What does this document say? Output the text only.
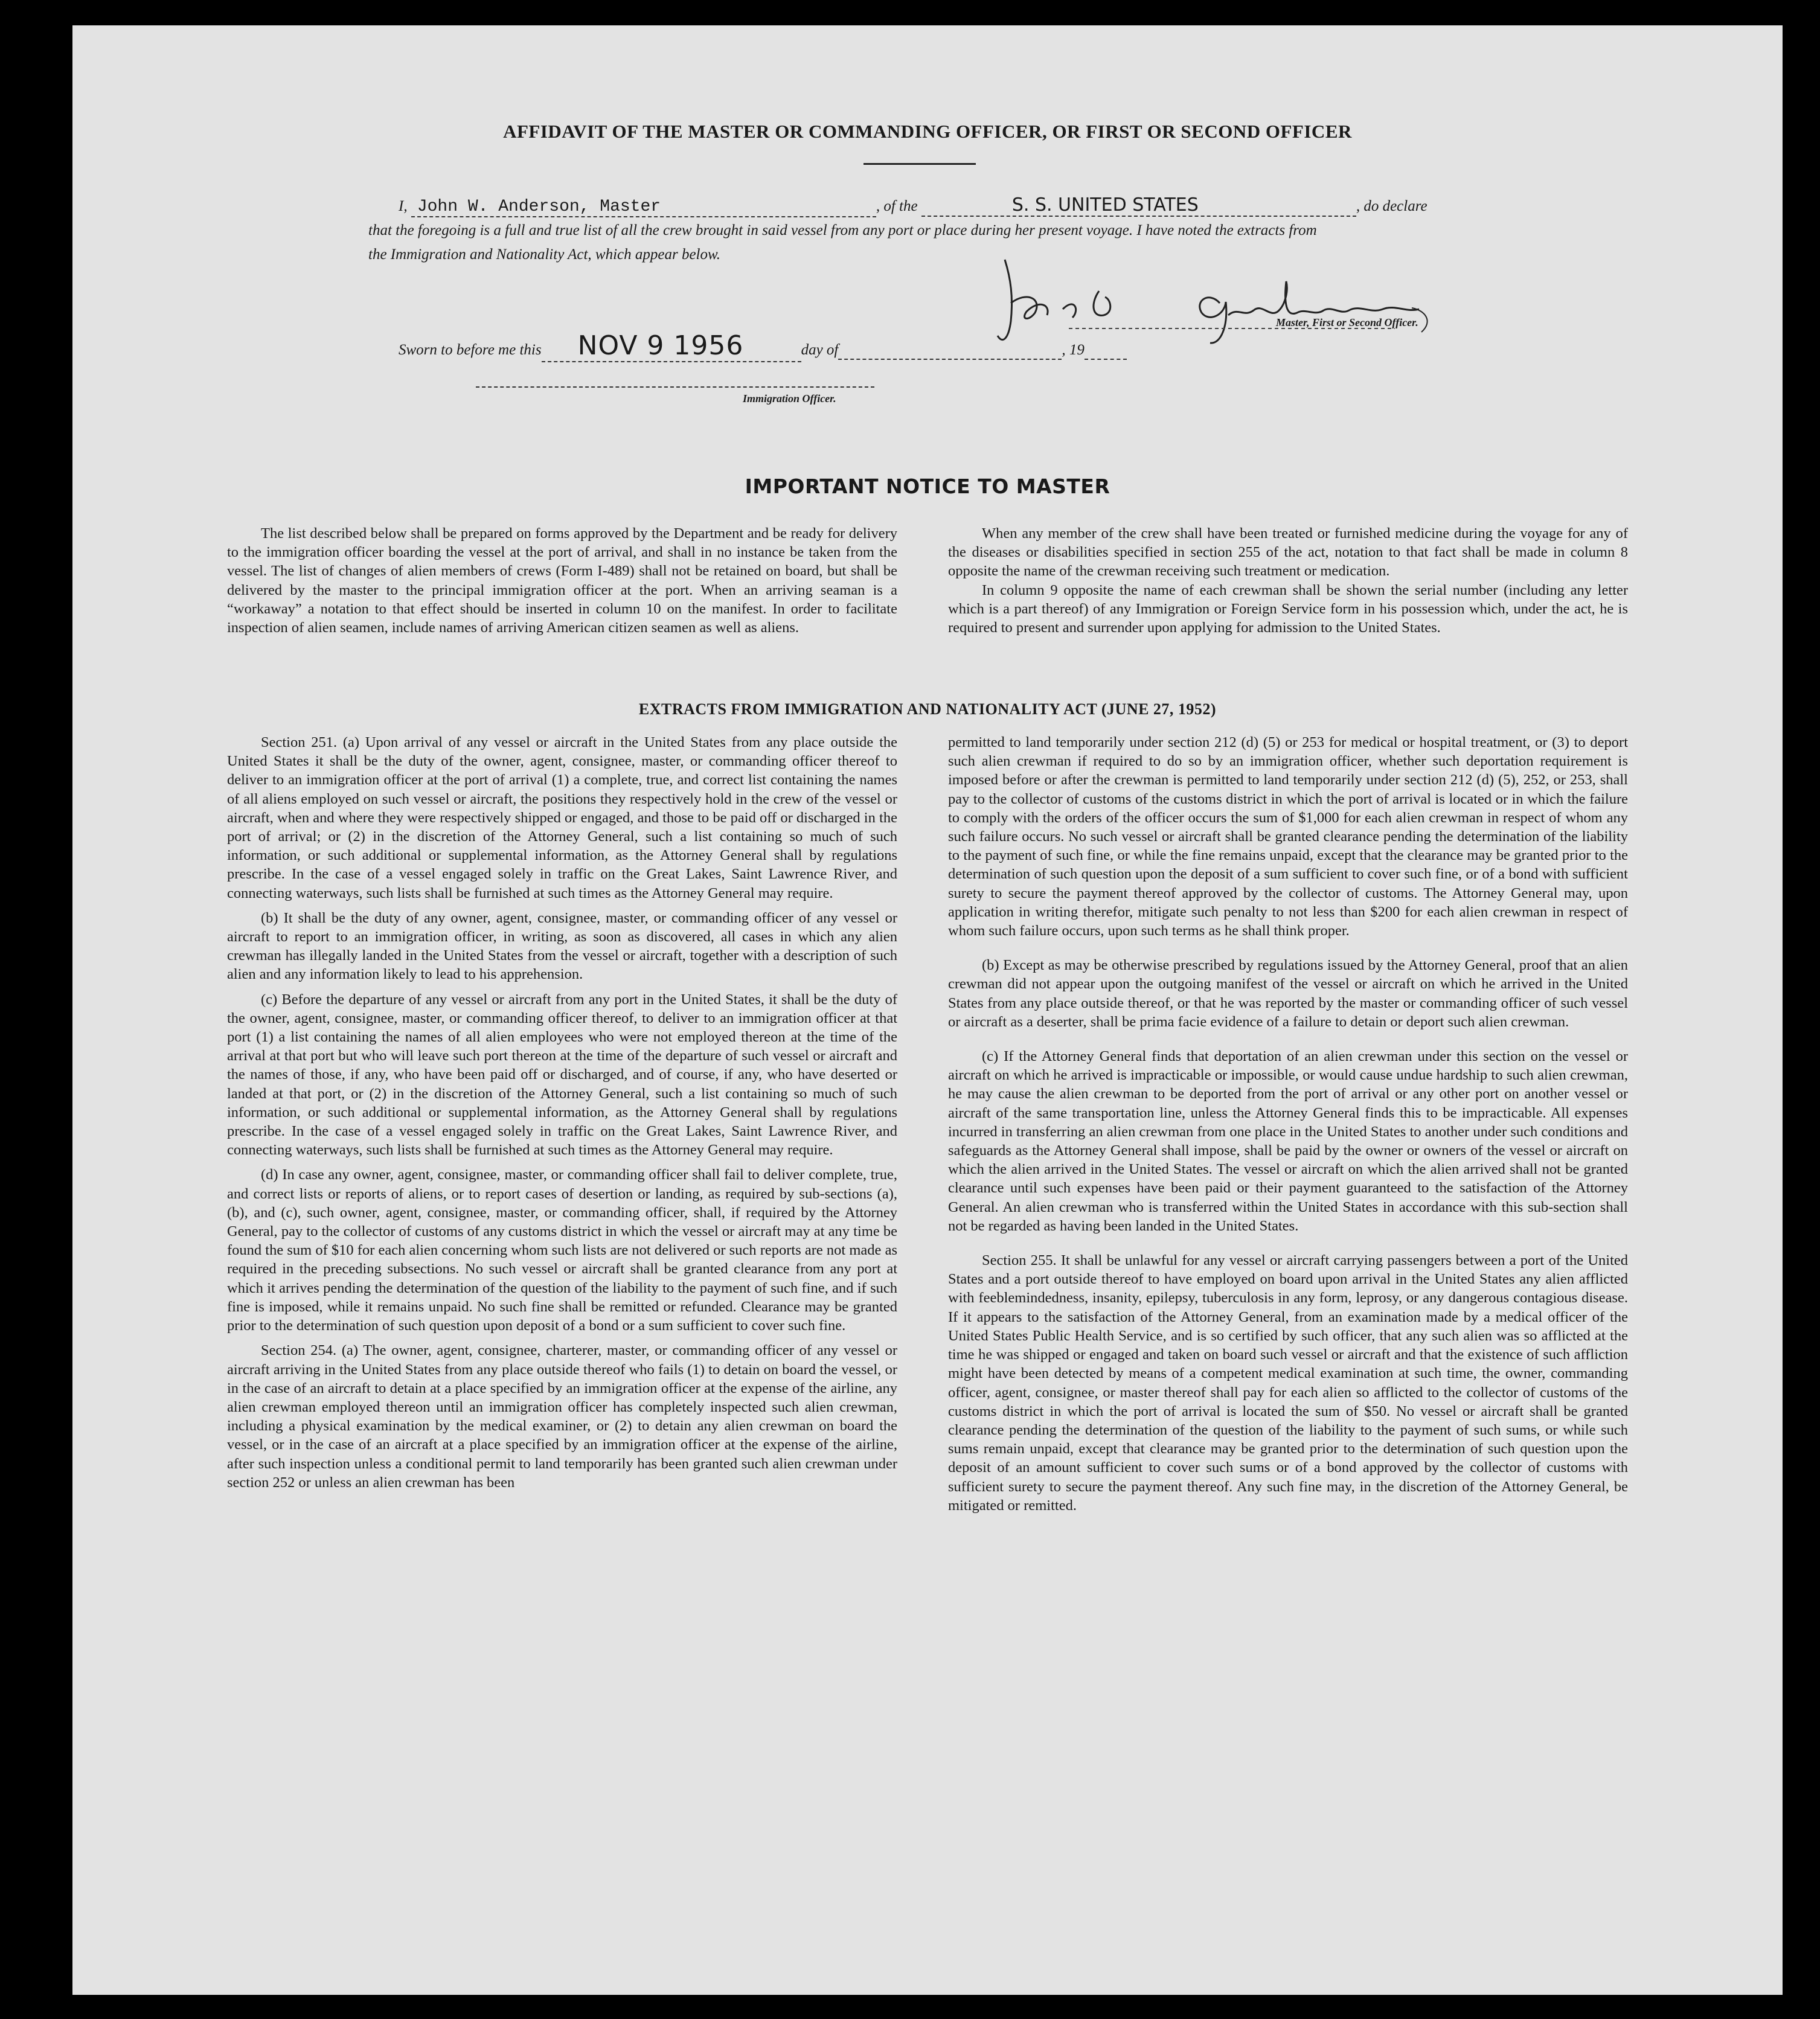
AFFIDAVIT OF THE MASTER OR COMMANDING OFFICER, OR FIRST OR SECOND OFFICER
I, John W. Anderson, Master	, of the	S. S. UNITED STATES	, do declare
that the foregoing is a full and true list of all the crew brought in said vessel from any port or place during her present voyage. I have noted the extracts from
the Immigration and Nationality Act, which appear below.
Master, First or Second Officer.
Sworn to before me this NOV 9 1956	day of	, 19
Immigration Officer.
IMPORTANT NOTICE TO MASTER

The list described below shall be prepared on forms approved by the Department and be ready for delivery to the immigration officer boarding the vessel at the port of arrival, and shall in no instance be taken from the vessel. The list of changes of alien members of crews (Form I-489) shall not be retained on board, but shall be delivered by the master to the principal immigration officer at the port. When an arriving seaman is a “workaway” a notation to that effect should be inserted in column 10 on the manifest. In order to facilitate inspection of alien seamen, include names of arriving American citizen seamen as well as aliens.

When any member of the crew shall have been treated or furnished medicine during the voyage for any of the diseases or disabilities specified in section 255 of the act, notation to that fact shall be made in column 8 opposite the name of the crewman receiving such treatment or medication.

In column 9 opposite the name of each crewman shall be shown the serial number (including any letter which is a part thereof) of any Immigration or Foreign Service form in his possession which, under the act, he is required to present and surrender upon applying for admission to the United States.

EXTRACTS FROM IMMIGRATION AND NATIONALITY ACT (JUNE 27, 1952)

Section 251. (a) Upon arrival of any vessel or aircraft in the United States from any place outside the United States it shall be the duty of the owner, agent, consignee, master, or commanding officer thereof to deliver to an immigration officer at the port of arrival (1) a complete, true, and correct list containing the names of all aliens employed on such vessel or aircraft, the positions they respectively hold in the crew of the vessel or aircraft, when and where they were respectively shipped or engaged, and those to be paid off or discharged in the port of arrival; or (2) in the discretion of the Attorney General, such a list containing so much of such information, or such additional or supplemental information, as the Attorney General shall by regulations prescribe. In the case of a vessel engaged solely in traffic on the Great Lakes, Saint Lawrence River, and connecting waterways, such lists shall be furnished at such times as the Attorney General may require.

(b) It shall be the duty of any owner, agent, consignee, master, or commanding officer of any vessel or aircraft to report to an immigration officer, in writing, as soon as discovered, all cases in which any alien crewman has illegally landed in the United States from the vessel or aircraft, together with a description of such alien and any information likely to lead to his apprehension.

(c) Before the departure of any vessel or aircraft from any port in the United States, it shall be the duty of the owner, agent, consignee, master, or commanding officer thereof, to deliver to an immigration officer at that port (1) a list containing the names of all alien employees who were not employed thereon at the time of the arrival at that port but who will leave such port thereon at the time of the departure of such vessel or aircraft and the names of those, if any, who have been paid off or discharged, and of course, if any, who have deserted or landed at that port, or (2) in the discretion of the Attorney General, such a list containing so much of such information, or such additional or supplemental information, as the Attorney General shall by regulations prescribe. In the case of a vessel engaged solely in traffic on the Great Lakes, Saint Lawrence River, and connecting waterways, such lists shall be furnished at such times as the Attorney General may require.

(d) In case any owner, agent, consignee, master, or commanding officer shall fail to deliver complete, true, and correct lists or reports of aliens, or to report cases of desertion or landing, as required by sub-sections (a), (b), and (c), such owner, agent, consignee, master, or commanding officer, shall, if required by the Attorney General, pay to the collector of customs of any customs district in which the vessel or aircraft may at any time be found the sum of $10 for each alien concerning whom such lists are not delivered or such reports are not made as required in the preceding subsections. No such vessel or aircraft shall be granted clearance from any port at which it arrives pending the determination of the question of the liability to the payment of such fine, and if such fine is imposed, while it remains unpaid. No such fine shall be remitted or refunded. Clearance may be granted prior to the determination of such question upon deposit of a bond or a sum sufficient to cover such fine.

Section 254. (a) The owner, agent, consignee, charterer, master, or commanding officer of any vessel or aircraft arriving in the United States from any place outside thereof who fails (1) to detain on board the vessel, or in the case of an aircraft to detain at a place specified by an immigration officer at the expense of the airline, any alien crewman employed thereon until an immigration officer has completely inspected such alien crewman, including a physical examination by the medical examiner, or (2) to detain any alien crewman on board the vessel, or in the case of an aircraft at a place specified by an immigration officer at the expense of the airline, after such inspection unless a conditional permit to land temporarily has been granted such alien crewman under section 252 or unless an alien crewman has been

permitted to land temporarily under section 212 (d) (5) or 253 for medical or hospital treatment, or (3) to deport such alien crewman if required to do so by an immigration officer, whether such deportation requirement is imposed before or after the crewman is permitted to land temporarily under section 212 (d) (5), 252, or 253, shall pay to the collector of customs of the customs district in which the port of arrival is located or in which the failure to comply with the orders of the officer occurs the sum of $1,000 for each alien crewman in respect of whom any such failure occurs. No such vessel or aircraft shall be granted clearance pending the determination of the liability to the payment of such fine, or while the fine remains unpaid, except that the clearance may be granted prior to the determination of such question upon the deposit of a sum sufficient to cover such fine, or of a bond with sufficient surety to secure the payment thereof approved by the collector of customs. The Attorney General may, upon application in writing therefor, mitigate such penalty to not less than $200 for each alien crewman in respect of whom such failure occurs, upon such terms as he shall think proper.

(b) Except as may be otherwise prescribed by regulations issued by the Attorney General, proof that an alien crewman did not appear upon the outgoing manifest of the vessel or aircraft on which he arrived in the United States from any place outside thereof, or that he was reported by the master or commanding officer of such vessel or aircraft as a deserter, shall be prima facie evidence of a failure to detain or deport such alien crewman.

(c) If the Attorney General finds that deportation of an alien crewman under this section on the vessel or aircraft on which he arrived is impracticable or impossible, or would cause undue hardship to such alien crewman, he may cause the alien crewman to be deported from the port of arrival or any other port on another vessel or aircraft of the same transportation line, unless the Attorney General finds this to be impracticable. All expenses incurred in transferring an alien crewman from one place in the United States to another under such conditions and safeguards as the Attorney General shall impose, shall be paid by the owner or owners of the vessel or aircraft on which the alien arrived in the United States. The vessel or aircraft on which the alien arrived shall not be granted clearance until such expenses have been paid or their payment guaranteed to the satisfaction of the Attorney General. An alien crewman who is transferred within the United States in accordance with this sub-section shall not be regarded as having been landed in the United States.

Section 255. It shall be unlawful for any vessel or aircraft carrying passengers between a port of the United States and a port outside thereof to have employed on board upon arrival in the United States any alien afflicted with feeblemindedness, insanity, epilepsy, tuberculosis in any form, leprosy, or any dangerous contagious disease. If it appears to the satisfaction of the Attorney General, from an examination made by a medical officer of the United States Public Health Service, and is so certified by such officer, that any such alien was so afflicted at the time he was shipped or engaged and taken on board such vessel or aircraft and that the existence of such affliction might have been detected by means of a competent medical examination at such time, the owner, commanding officer, agent, consignee, or master thereof shall pay for each alien so afflicted to the collector of customs of the customs district in which the port of arrival is located the sum of $50. No vessel or aircraft shall be granted clearance pending the determination of the question of the liability to the payment of such sums, or while such sums remain unpaid, except that clearance may be granted prior to the determination of such question upon the deposit of an amount sufficient to cover such sums or of a bond approved by the collector of customs with sufficient surety to secure the payment thereof. Any such fine may, in the discretion of the Attorney General, be mitigated or remitted.
